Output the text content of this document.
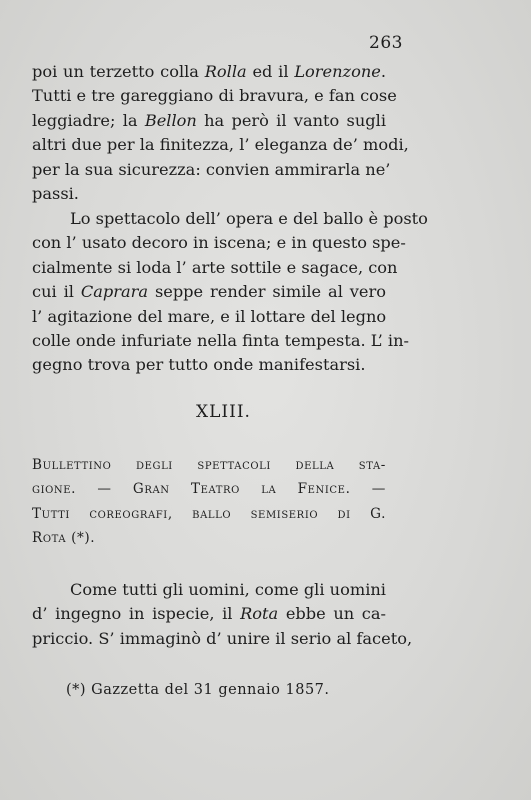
263
poi un terzetto colla Rolla ed il Lorenzone.
Tutti e tre gareggiano di bravura, e fan cose
leggiadre; la Bellon ha però il vanto sugli
altri due per la finitezza, l’ eleganza de’ modi,
per la sua sicurezza: convien ammirarla ne’
passi.
Lo spettacolo dell’ opera e del ballo è posto
con l’ usato decoro in iscena; e in questo spe-
cialmente si loda l’ arte sottile e sagace, con
cui il Caprara seppe render simile al vero
l’ agitazione del mare, e il lottare del legno
colle onde infuriate nella finta tempesta. L’ in-
gegno trova per tutto onde manifestarsi.
XLIII.
Bullettino degli spettacoli della sta-
gione. — Gran Teatro la Fenice. —
Tutti coreografi, ballo semiserio di G.
Rota (*).
Come tutti gli uomini, come gli uomini
d’ ingegno in ispecie, il Rota ebbe un ca-
priccio. S’ immaginò d’ unire il serio al faceto,
(*) Gazzetta del 31 gennaio 1857.
